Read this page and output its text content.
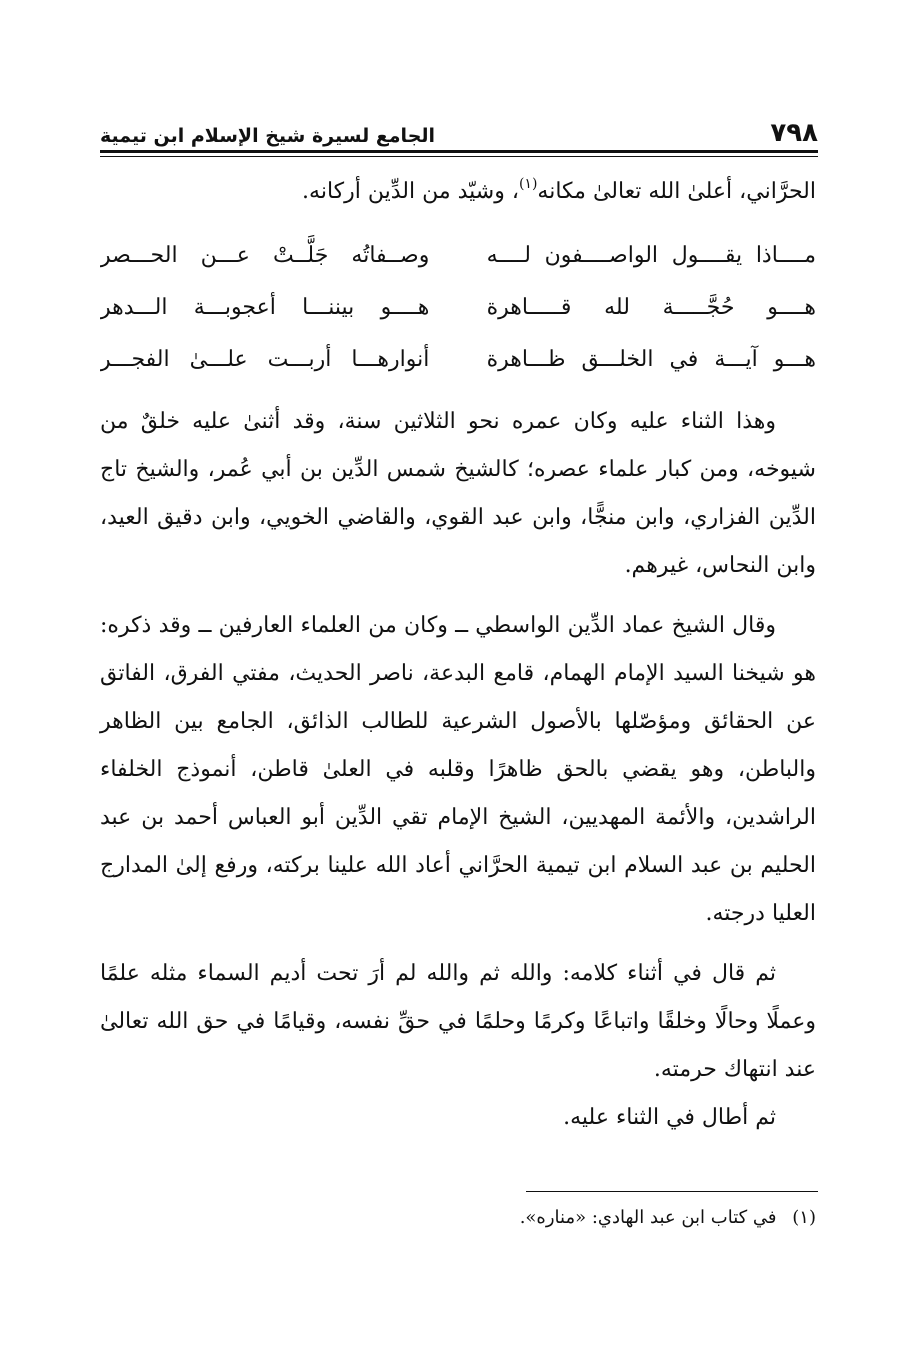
٧٩٨
الجامع لسيرة شيخ الإسلام ابن تيمية

الحرَّاني، أعلىٰ الله تعالىٰ مكانه$^{(١)}$، وشيّد من الدِّين أركانه.

مــــاذا يقــــول الواصــــفون لــــه
وصــفاتُه جَلَّــتْ عـــن الحـــصر
هــــو حُجَّـــــة لله قـــــاهرة
هــــو بيننـــا أعجوبـــة الـــدهر
هـــو آيـــة في الخلـــق ظـــاهرة
أنوارهـــا أربـــت علـــىٰ الفجـــر

وهذا الثناء عليه وكان عمره نحو الثلاثين سنة، وقد أثنىٰ عليه خلقٌ من شيوخه، ومن كبار علماء عصره؛ كالشيخ شمس الدِّين بن أبي عُمر، والشيخ تاج الدِّين الفزاري، وابن منجًّا، وابن عبد القوي، والقاضي الخويي، وابن دقيق العيد، وابن النحاس، غيرهم.

وقال الشيخ عماد الدِّين الواسطي ــ وكان من العلماء العارفين ــ وقد ذكره: هو شيخنا السيد الإمام الهمام، قامع البدعة، ناصر الحديث، مفتي الفرق، الفاتق عن الحقائق ومؤصّلها بالأصول الشرعية للطالب الذائق، الجامع بين الظاهر والباطن، وهو يقضي بالحق ظاهرًا وقلبه في العلىٰ قاطن، أنموذج الخلفاء الراشدين، والأئمة المهديين، الشيخ الإمام تقي الدِّين أبو العباس أحمد بن عبد الحليم بن عبد السلام ابن تيمية الحرَّاني أعاد الله علينا بركته، ورفع إلىٰ المدارج العليا درجته.

ثم قال في أثناء كلامه: والله ثم والله لم أرَ تحت أديم السماء مثله علمًا وعملًا وحالًا وخلقًا واتباعًا وكرمًا وحلمًا في حقِّ نفسه، وقيامًا في حق الله تعالىٰ عند انتهاك حرمته.

ثم أطال في الثناء عليه.

(١) في كتاب ابن عبد الهادي: «مناره».
